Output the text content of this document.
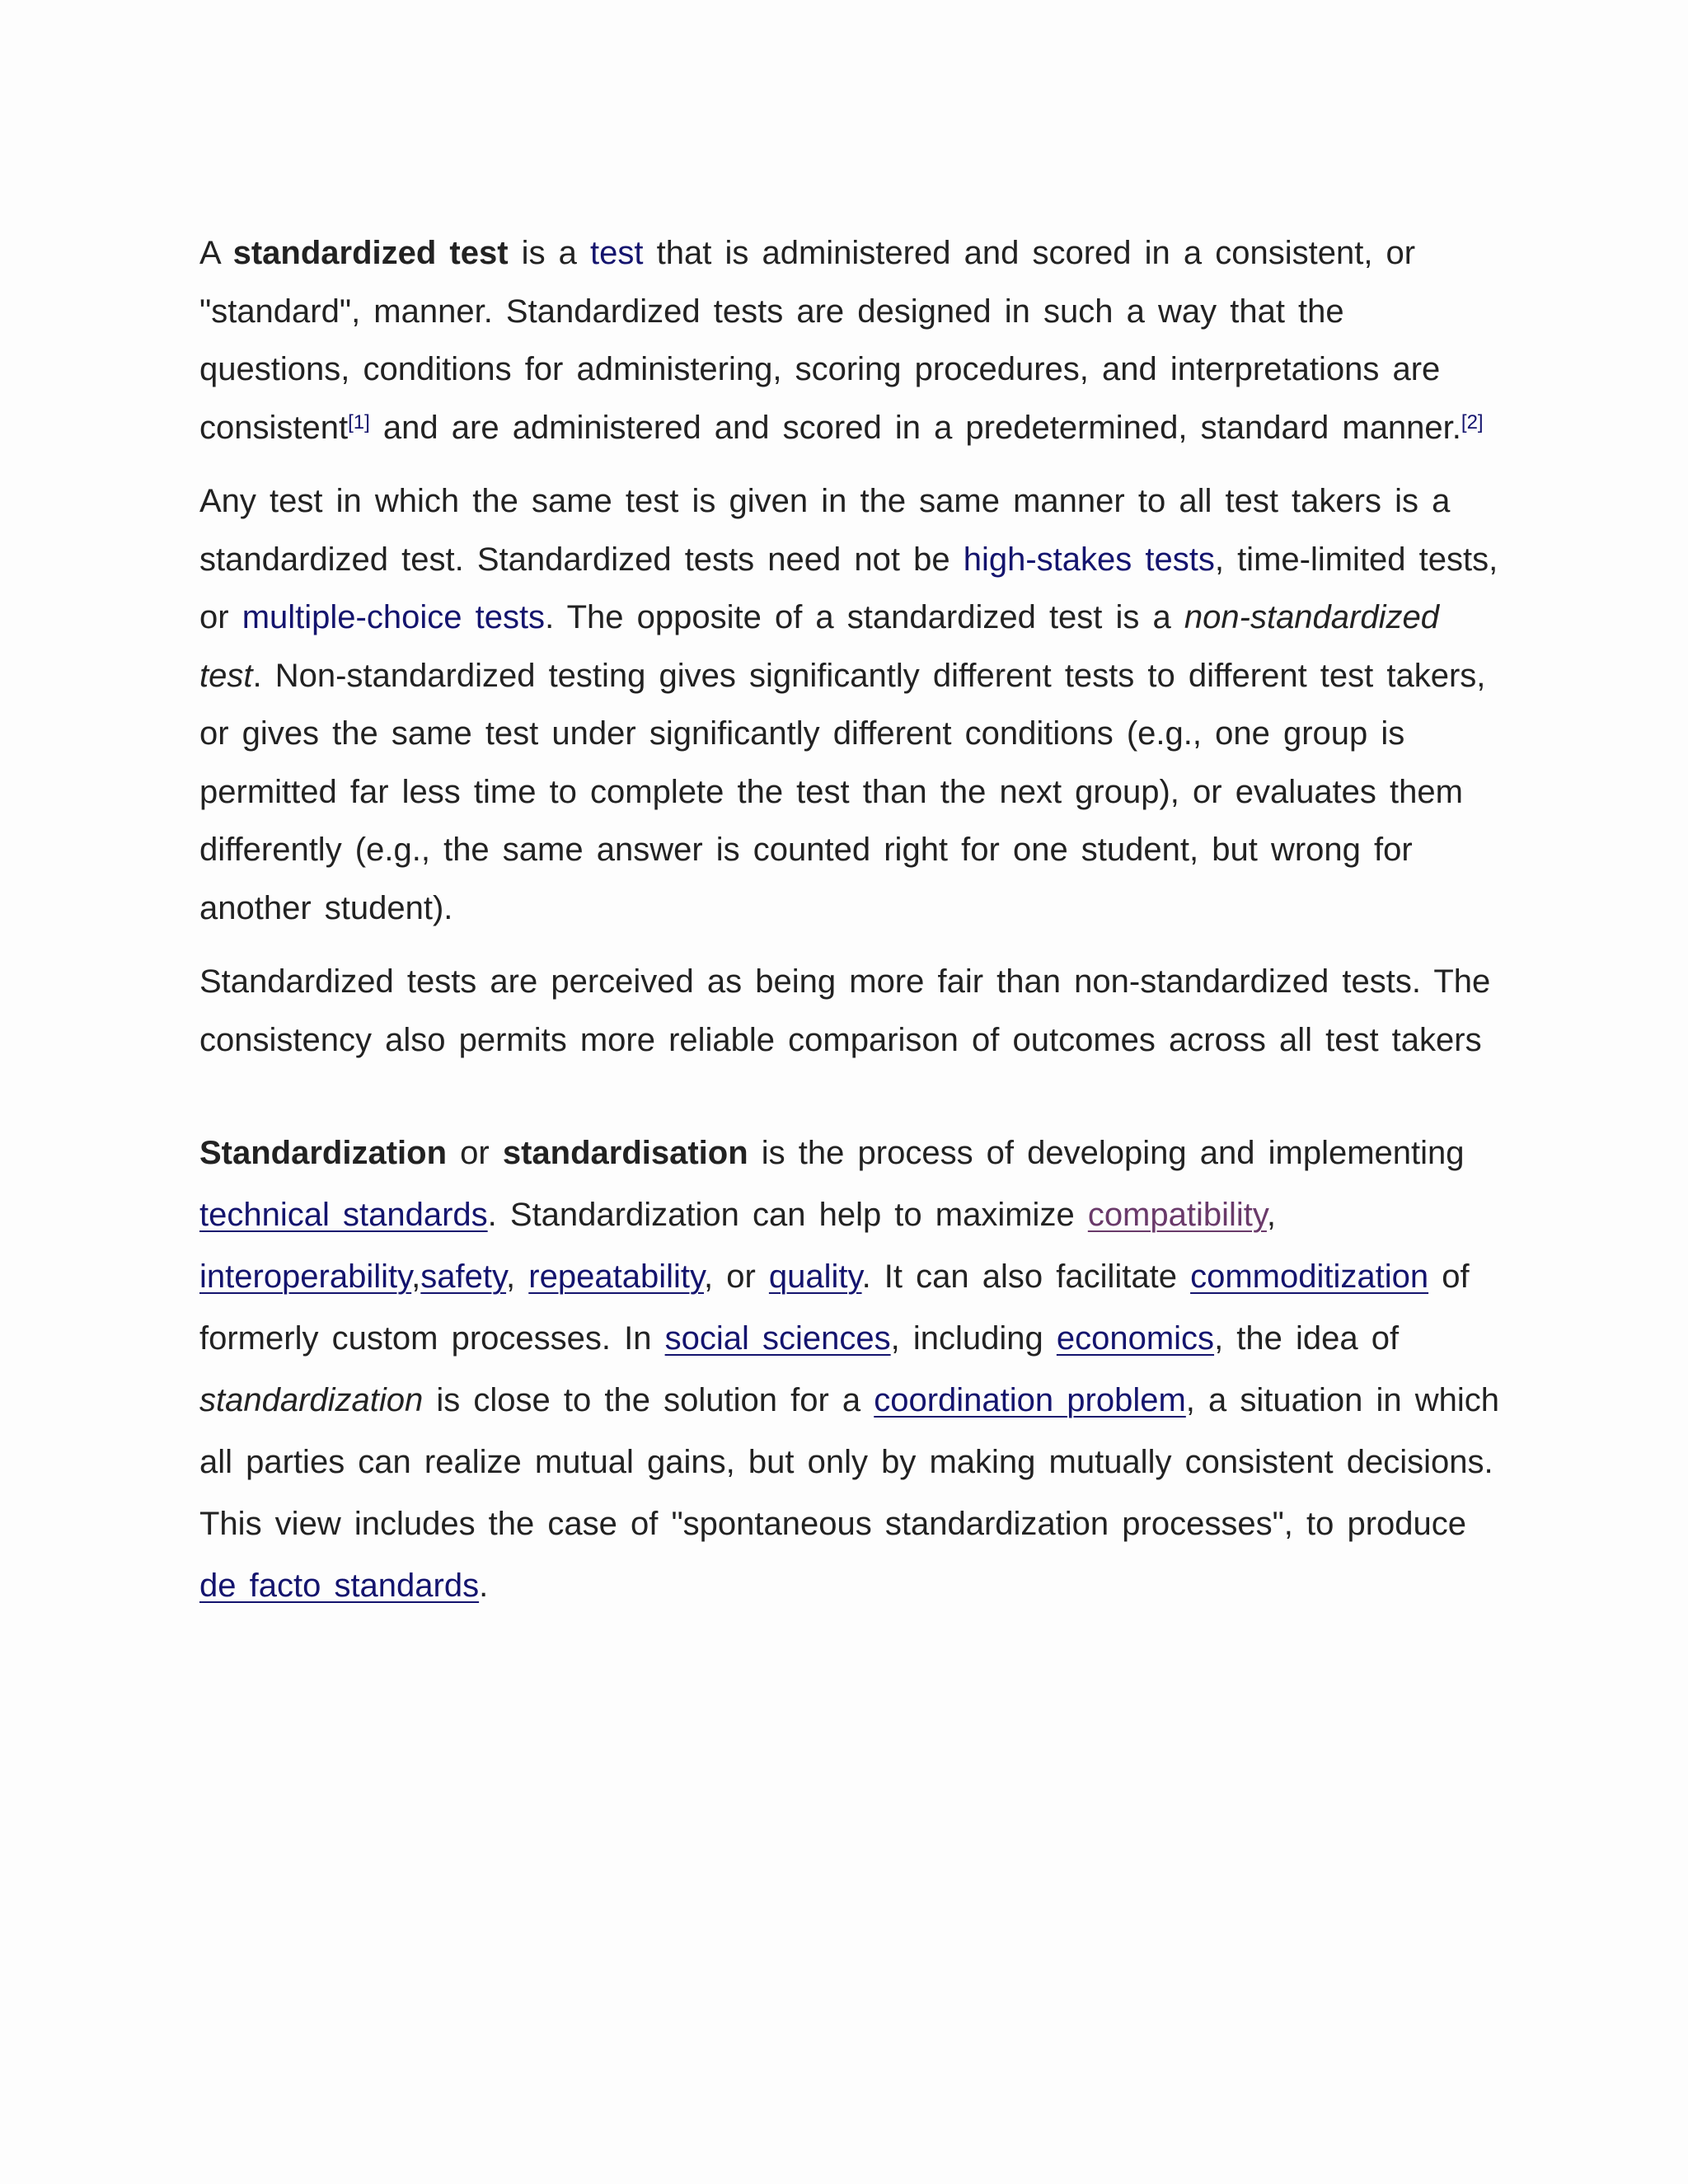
A standardized test is a test that is administered and scored in a consistent, or "standard", manner. Standardized tests are designed in such a way that the questions, conditions for administering, scoring procedures, and interpretations are consistent[1] and are administered and scored in a predetermined, standard manner.[2]

Any test in which the same test is given in the same manner to all test takers is a standardized test. Standardized tests need not be high-stakes tests, time-limited tests, or multiple-choice tests. The opposite of a standardized test is a non-standardized test. Non-standardized testing gives significantly different tests to different test takers, or gives the same test under significantly different conditions (e.g., one group is permitted far less time to complete the test than the next group), or evaluates them differently (e.g., the same answer is counted right for one student, but wrong for another student).

Standardized tests are perceived as being more fair than non-standardized tests. The consistency also permits more reliable comparison of outcomes across all test takers

Standardization or standardisation is the process of developing and implementing technical standards. Standardization can help to maximize compatibility, interoperability,safety, repeatability, or quality. It can also facilitate commoditization of formerly custom processes. In social sciences, including economics, the idea of standardization is close to the solution for a coordination problem, a situation in which all parties can realize mutual gains, but only by making mutually consistent decisions. This view includes the case of "spontaneous standardization processes", to produce de facto standards.
